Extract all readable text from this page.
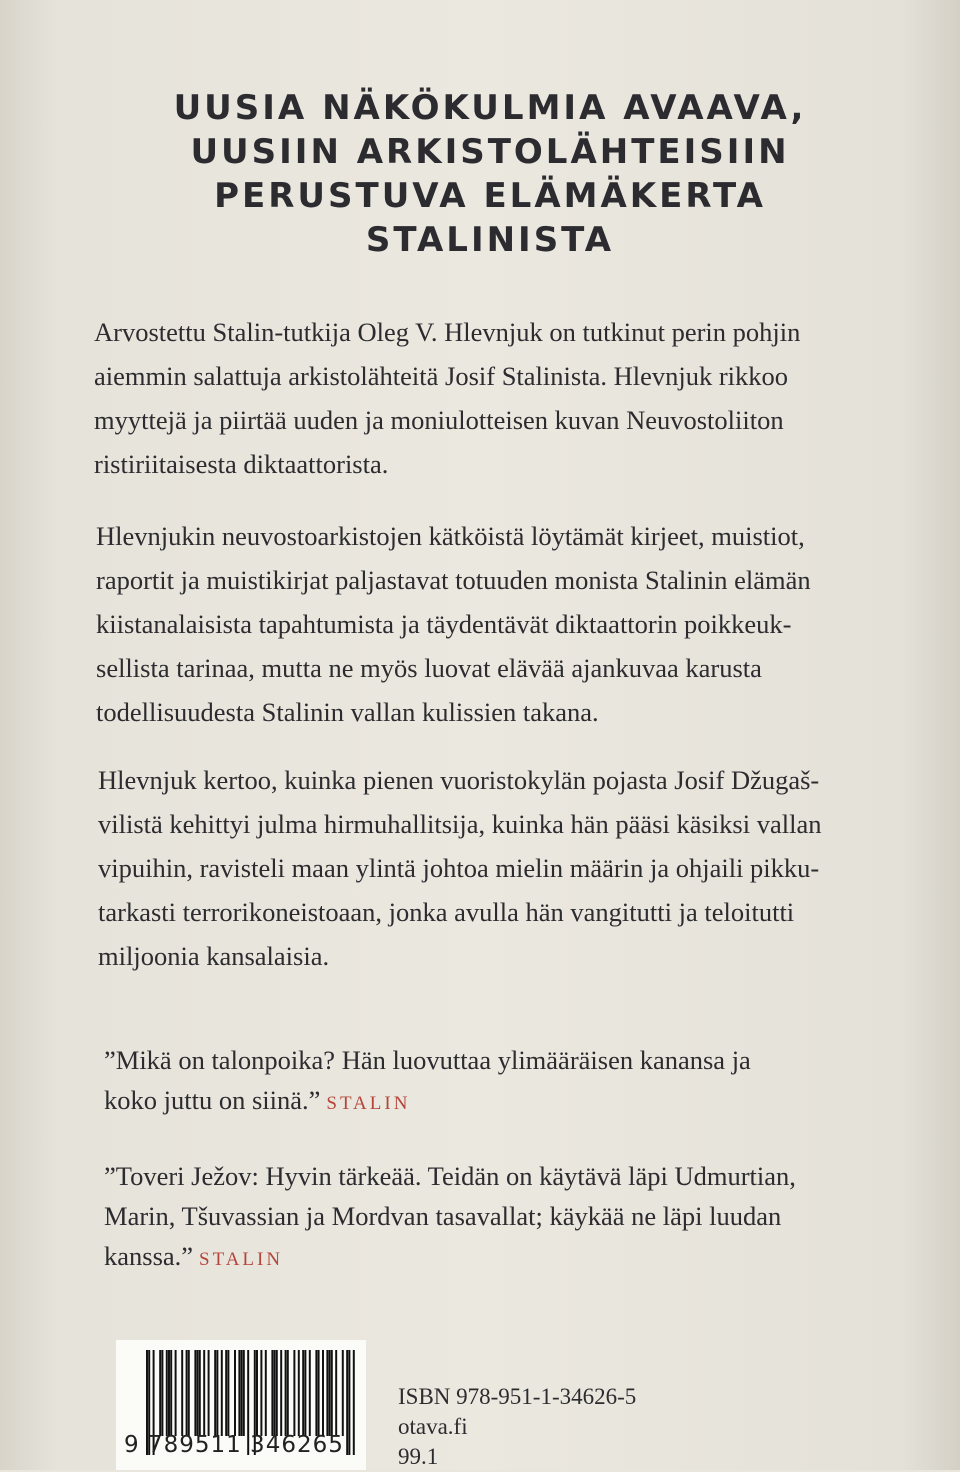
UUSIA NÄKÖKULMIA AVAAVA,
UUSIIN ARKISTOLÄHTEISIIN
PERUSTUVA ELÄMÄKERTA
STALINISTA
Arvostettu Stalin-tutkija Oleg V. Hlevnjuk on tutkinut perin pohjin
aiemmin salattuja arkistolähteitä Josif Stalinista. Hlevnjuk rikkoo
myyttejä ja piirtää uuden ja moniulotteisen kuvan Neuvostoliiton
ristiriitaisesta diktaattorista.
Hlevnjukin neuvostoarkistojen kätköistä löytämät kirjeet, muistiot,
raportit ja muistikirjat paljastavat totuuden monista Stalinin elämän
kiistanalaisista tapahtumista ja täydentävät diktaattorin poikkeuk-
sellista tarinaa, mutta ne myös luovat elävää ajankuvaa karusta
todellisuudesta Stalinin vallan kulissien takana.
Hlevnjuk kertoo, kuinka pienen vuoristokylän pojasta Josif Džugaš-
vilistä kehittyi julma hirmuhallitsija, kuinka hän pääsi käsiksi vallan
vipuihin, ravisteli maan ylintä johtoa mielin määrin ja ohjaili pikku-
tarkasti terrorikoneistoaan, jonka avulla hän vangitutti ja teloitutti
miljoonia kansalaisia.
”Mikä on talonpoika? Hän luovuttaa ylimääräisen kanansa ja
koko juttu on siinä.” STALIN
”Toveri Ježov: Hyvin tärkeää. Teidän on käytävä läpi Udmurtian,
Marin, Tšuvassian ja Mordvan tasavallat; käykää ne läpi luudan
kanssa.” STALIN
9 789511 346265
ISBN 978-951-1-34626-5
otava.fi
99.1
